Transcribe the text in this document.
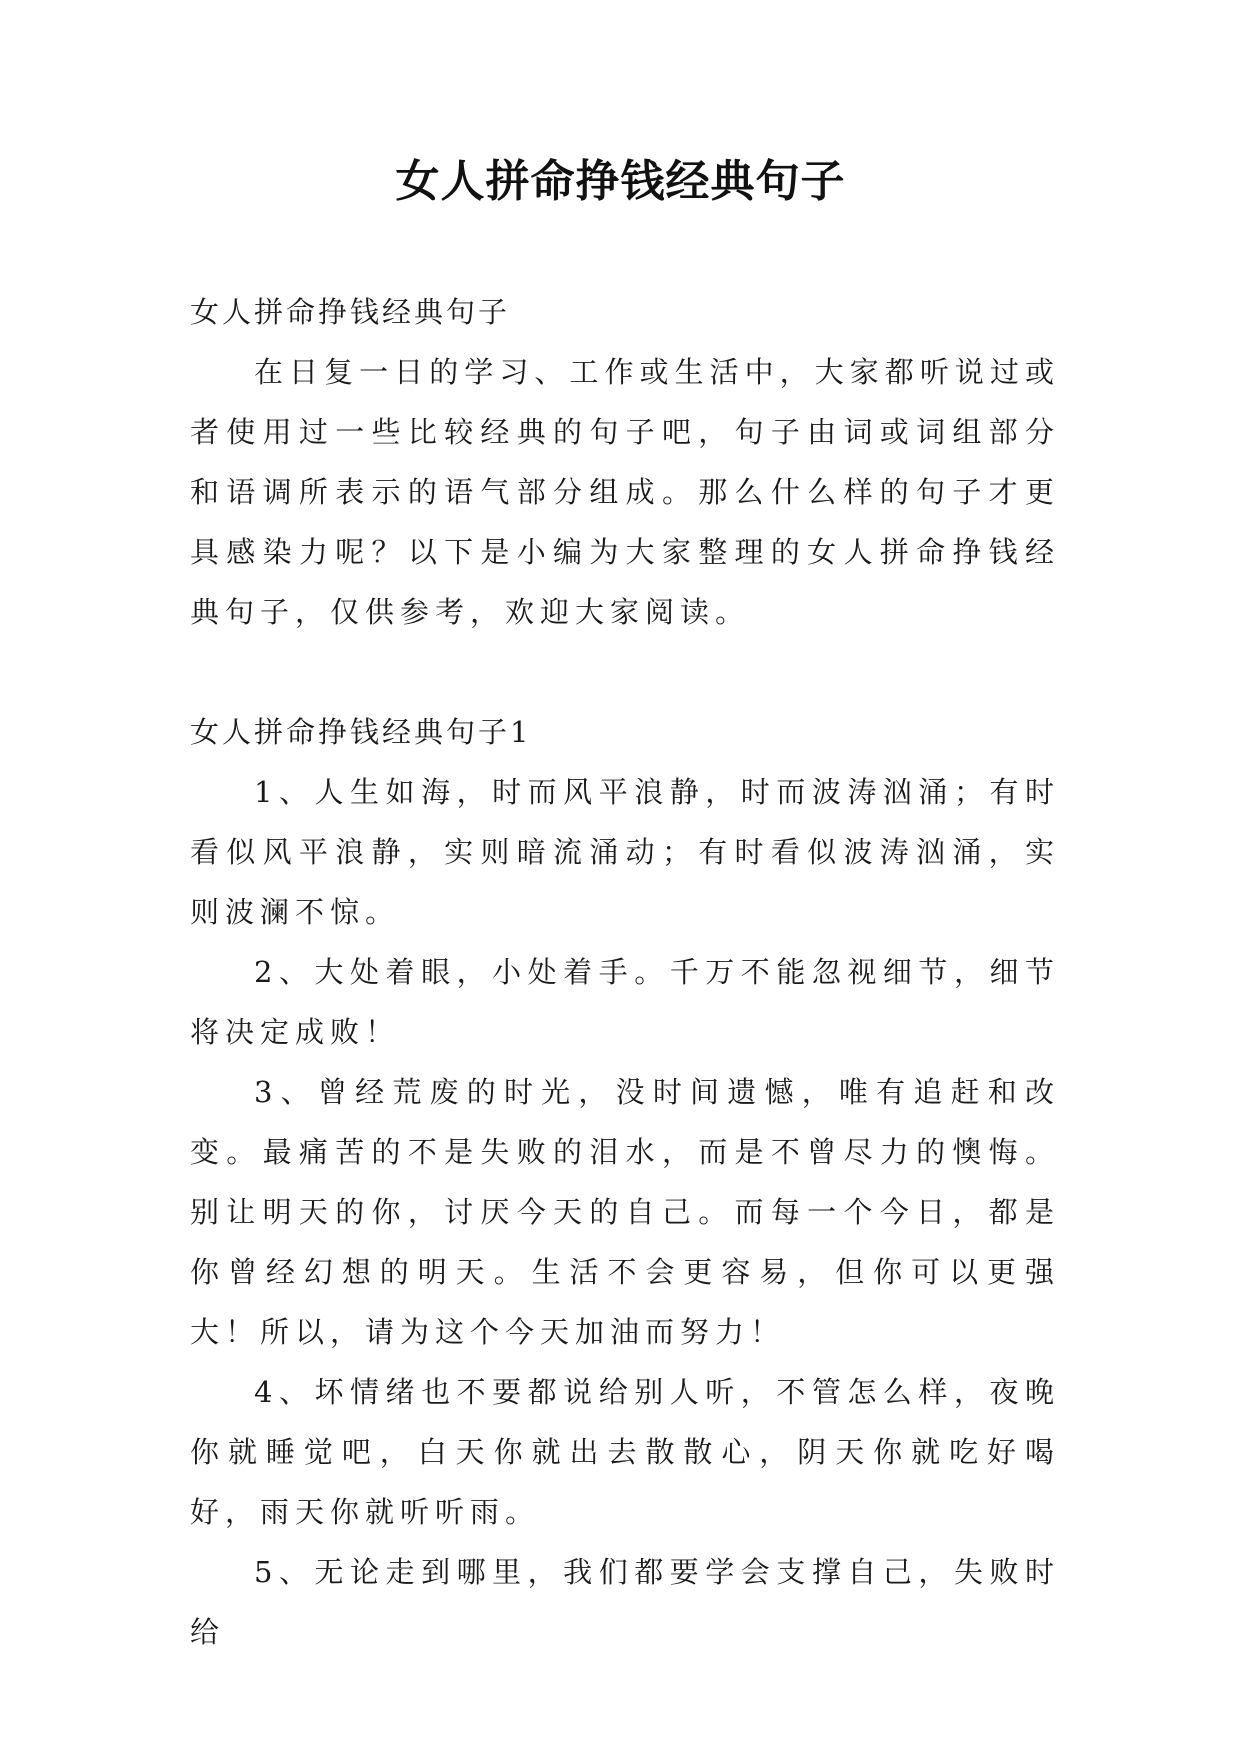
女人拼命挣钱经典句子

女人拼命挣钱经典句子

在日复一日的学习、工作或生活中，大家都听说过或者使用过一些比较经典的句子吧，句子由词或词组部分和语调所表示的语气部分组成。那么什么样的句子才更具感染力呢？以下是小编为大家整理的女人拼命挣钱经典句子，仅供参考，欢迎大家阅读。

女人拼命挣钱经典句子1

1、人生如海，时而风平浪静，时而波涛汹涌；有时看似风平浪静，实则暗流涌动；有时看似波涛汹涌，实则波澜不惊。

2、大处着眼，小处着手。千万不能忽视细节，细节将决定成败！

3、曾经荒废的时光，没时间遗憾，唯有追赶和改变。最痛苦的不是失败的泪水，而是不曾尽力的懊悔。别让明天的你，讨厌今天的自己。而每一个今日，都是你曾经幻想的明天。生活不会更容易，但你可以更强大！所以，请为这个今天加油而努力！

4、坏情绪也不要都说给别人听，不管怎么样，夜晚你就睡觉吧，白天你就出去散散心，阴天你就吃好喝好，雨天你就听听雨。

5、无论走到哪里，我们都要学会支撑自己，失败时给
